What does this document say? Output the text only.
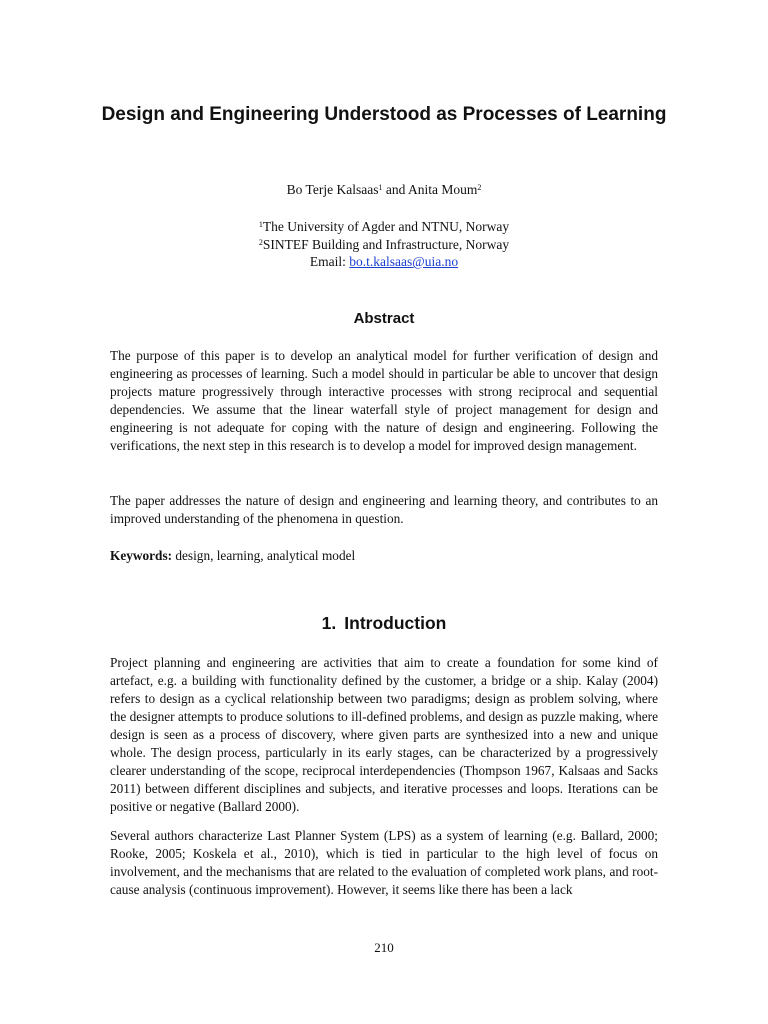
Design and Engineering Understood as Processes of Learning
Bo Terje Kalsaas$^1$ and Anita Moum$^2$
$^1$The University of Agder and NTNU, Norway
$^2$SINTEF Building and Infrastructure, Norway
Email: bo.t.kalsaas@uia.no
Abstract
The purpose of this paper is to develop an analytical model for further verification of design and engineering as processes of learning. Such a model should in particular be able to uncover that design projects mature progressively through interactive processes with strong reciprocal and sequential dependencies. We assume that the linear waterfall style of project management for design and engineering is not adequate for coping with the nature of design and engineering. Following the verifications, the next step in this research is to develop a model for improved design management.
The paper addresses the nature of design and engineering and learning theory, and contributes to an improved understanding of the phenomena in question.
Keywords: design, learning, analytical model
1. Introduction
Project planning and engineering are activities that aim to create a foundation for some kind of artefact, e.g. a building with functionality defined by the customer, a bridge or a ship. Kalay (2004) refers to design as a cyclical relationship between two paradigms; design as problem solving, where the designer attempts to produce solutions to ill-defined problems, and design as puzzle making, where design is seen as a process of discovery, where given parts are synthesized into a new and unique whole. The design process, particularly in its early stages, can be characterized by a progressively clearer understanding of the scope, reciprocal interdependencies (Thompson 1967, Kalsaas and Sacks 2011) between different disciplines and subjects, and iterative processes and loops. Iterations can be positive or negative (Ballard 2000).
Several authors characterize Last Planner System (LPS) as a system of learning (e.g. Ballard, 2000; Rooke, 2005; Koskela et al., 2010), which is tied in particular to the high level of focus on involvement, and the mechanisms that are related to the evaluation of completed work plans, and root-cause analysis (continuous improvement). However, it seems like there has been a lack
210
